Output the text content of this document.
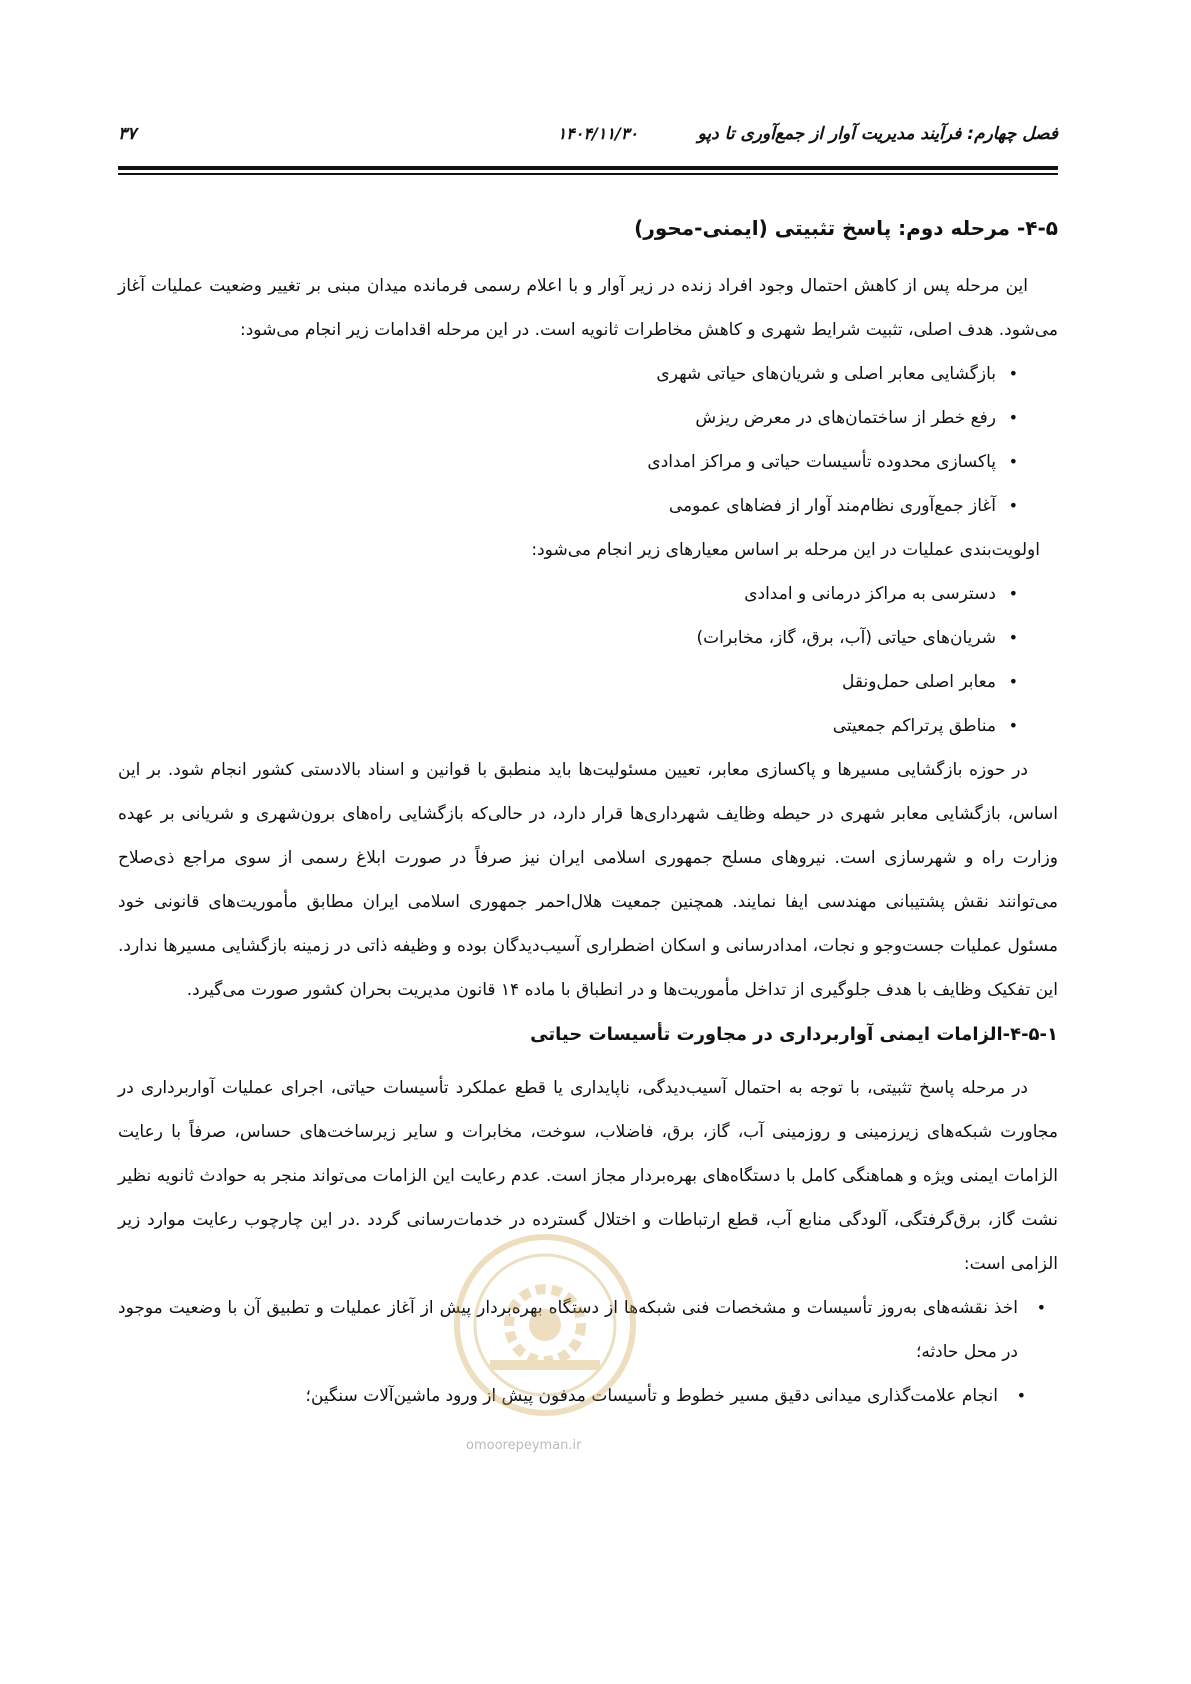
فصل چهارم: فرآیند مدیریت آوار از جمع‌آوری تا دپو
۱۴۰۴/۱۱/۳۰
۳۷
۴-۵- مرحله دوم: پاسخ تثبیتی (ایمنی-محور)

این مرحله پس از کاهش احتمال وجود افراد زنده در زیر آوار و با اعلام رسمی فرمانده میدان مبنی بر تغییر وضعیت عملیات آغاز می‌شود. هدف اصلی، تثبیت شرایط شهری و کاهش مخاطرات ثانویه است. در این مرحله اقدامات زیر انجام می‌شود:

•
بازگشایی معابر اصلی و شریان‌های حیاتی شهری
•
رفع خطر از ساختمان‌های در معرض ریزش
•
پاکسازی محدوده تأسیسات حیاتی و مراکز امدادی
•
آغاز جمع‌آوری نظام‌مند آوار از فضاهای عمومی

اولویت‌بندی عملیات در این مرحله بر اساس معیارهای زیر انجام می‌شود:

•
دسترسی به مراکز درمانی و امدادی
•
شریان‌های حیاتی (آب، برق، گاز، مخابرات)
•
معابر اصلی حمل‌ونقل
•
مناطق پرتراکم جمعیتی

در حوزه بازگشایی مسیرها و پاکسازی معابر، تعیین مسئولیت‌ها باید منطبق با قوانین و اسناد بالادستی کشور انجام شود. بر این اساس، بازگشایی معابر شهری در حیطه وظایف شهرداری‌ها قرار دارد، در حالی‌که بازگشایی راه‌های برون‌شهری و شریانی بر عهده وزارت راه و شهرسازی است. نیروهای مسلح جمهوری اسلامی ایران نیز صرفاً در صورت ابلاغ رسمی از سوی مراجع ذی‌صلاح می‌توانند نقش پشتیبانی مهندسی ایفا نمایند. همچنین جمعیت هلال‌احمر جمهوری اسلامی ایران مطابق مأموریت‌های قانونی خود مسئول عملیات جست‌وجو و نجات، امدادرسانی و اسکان اضطراری آسیب‌دیدگان بوده و وظیفه ذاتی در زمینه بازگشایی مسیرها ندارد. این تفکیک وظایف با هدف جلوگیری از تداخل مأموریت‌ها و در انطباق با ماده ۱۴ قانون مدیریت بحران کشور صورت می‌گیرد.

۴-۵-۱-الزامات ایمنی آواربرداری در مجاورت تأسیسات حیاتی

در مرحله پاسخ تثبیتی، با توجه به احتمال آسیب‌دیدگی، ناپایداری یا قطع عملکرد تأسیسات حیاتی، اجرای عملیات آواربرداری در مجاورت شبکه‌های زیرزمینی و روزمینی آب، گاز، برق، فاضلاب، سوخت، مخابرات و سایر زیرساخت‌های حساس، صرفاً با رعایت الزامات ایمنی ویژه و هماهنگی کامل با دستگاه‌های بهره‌بردار مجاز است. عدم رعایت این الزامات می‌تواند منجر به حوادث ثانویه نظیر نشت گاز، برق‌گرفتگی، آلودگی منابع آب، قطع ارتباطات و اختلال گسترده در خدمات‌رسانی گردد .در این چارچوب رعایت موارد زیر الزامی است:

•
اخذ نقشه‌های به‌روز تأسیسات و مشخصات فنی شبکه‌ها از دستگاه بهره‌بردار پیش از آغاز عملیات و تطبیق آن با وضعیت موجود در محل حادثه؛
•
انجام علامت‌گذاری میدانی دقیق مسیر خطوط و تأسیسات مدفون پیش از ورود ماشین‌آلات سنگین؛
omoorepeyman.ir
